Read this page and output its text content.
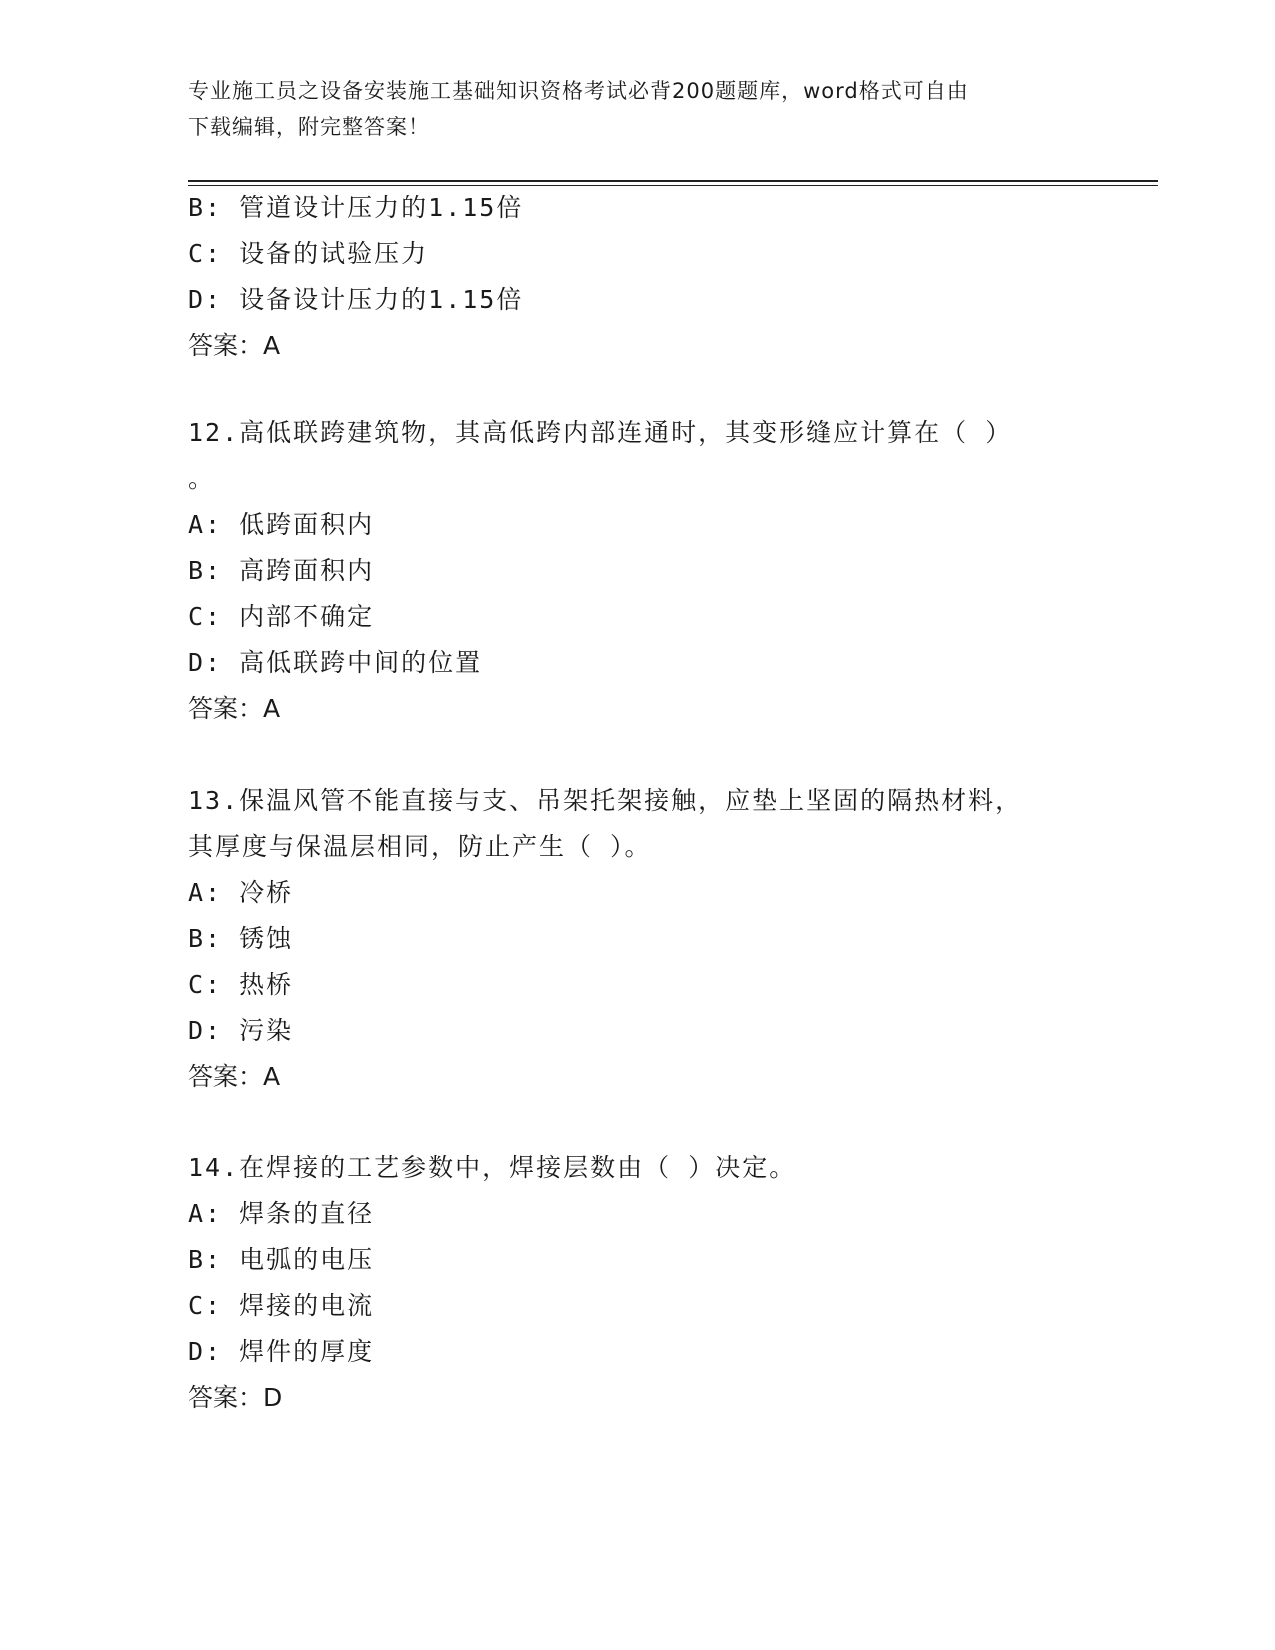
专业施工员之设备安装施工基础知识资格考试必背200题题库，word格式可自由
下载编辑，附完整答案！
B: 管道设计压力的1.15倍
C: 设备的试验压力
D: 设备设计压力的1.15倍
答案：A
12.高低联跨建筑物，其高低跨内部连通时，其变形缝应计算在（ ）
。
A: 低跨面积内
B: 高跨面积内
C: 内部不确定
D: 高低联跨中间的位置
答案：A
13.保温风管不能直接与支、吊架托架接触，应垫上坚固的隔热材料，
其厚度与保温层相同，防止产生（ ）。
A: 冷桥
B: 锈蚀
C: 热桥
D: 污染
答案：A
14.在焊接的工艺参数中，焊接层数由（ ）决定。
A: 焊条的直径
B: 电弧的电压
C: 焊接的电流
D: 焊件的厚度
答案：D
